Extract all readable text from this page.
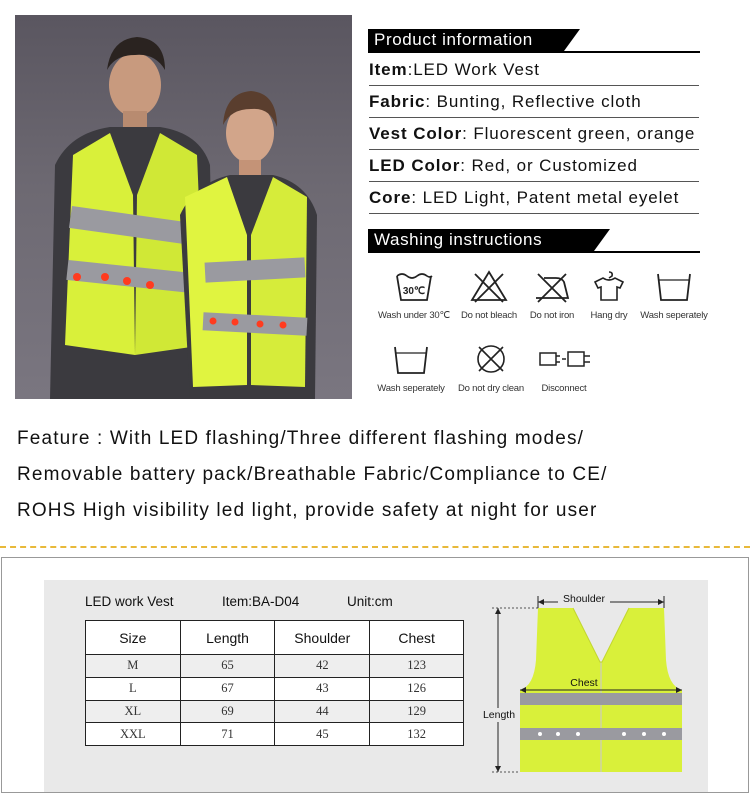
Product information
Item:LED Work Vest
Fabric: Bunting, Reflective cloth
Vest Color: Fluorescent green, orange
LED Color: Red, or Customized
Core: LED Light, Patent metal eyelet
Washing instructions
30℃
Wash under 30℃	Do not bleach	Do not iron	Hang dry	Wash seperately
Wash seperately	Do not dry clean	Disconnect
Feature : With LED flashing/Three different flashing modes/
Removable battery pack/Breathable Fabric/Compliance to CE/
ROHS High visibility led light, provide safety at night for user
LED work Vest	Item:BA-D04	Unit:cm
Size	Length	Shoulder	Chest
M	65	42	123
L	67	43	126
XL	69	44	129
XXL	71	45	132
Shoulder
Chest
Length
